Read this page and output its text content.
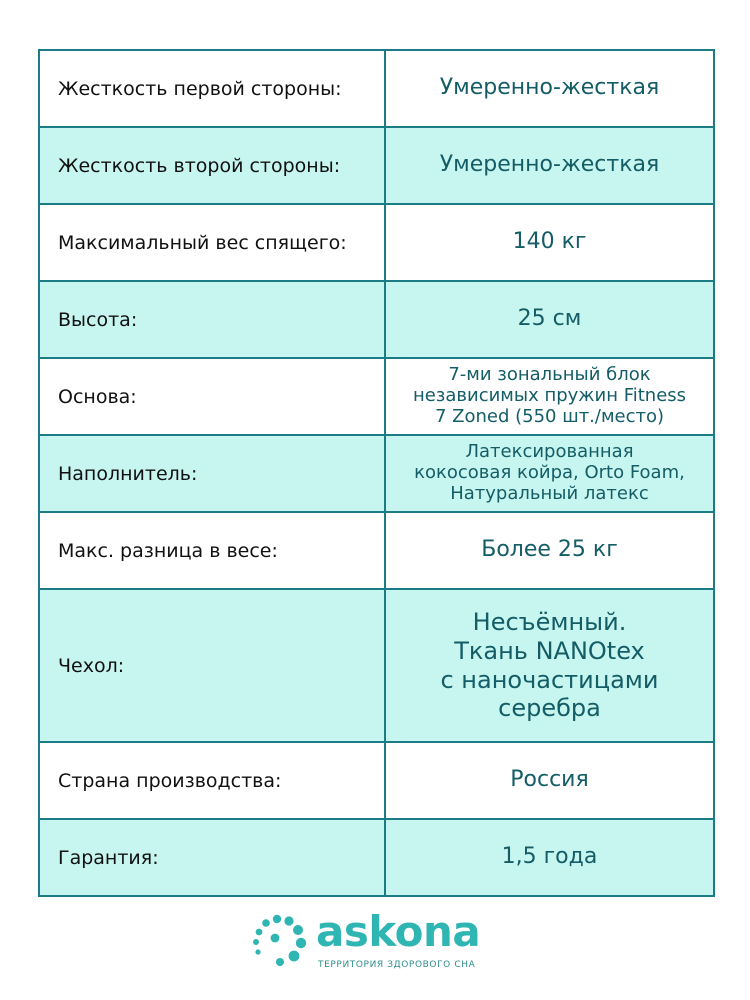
Жесткость первой стороны:	Умеренно-жесткая
Жесткость второй стороны:	Умеренно-жесткая
Максимальный вес спящего:	140 кг
Высота:	25 см
Основа:	7-ми зональный блок
независимых пружин Fitness
7 Zoned (550 шт./место)

Наполнитель:	Латексированная
кокосовая койра, Orto Foam,
Натуральный латекс

Макс. разница в весе:	Более 25 кг
Чехол:	Несъёмный.
Ткань NANOtex
с наночастицами
серебра

Страна производства:	Россия
Гарантия:	1,5 года
askona
ТЕРРИТОРИЯ ЗДОРОВОГО СНА
